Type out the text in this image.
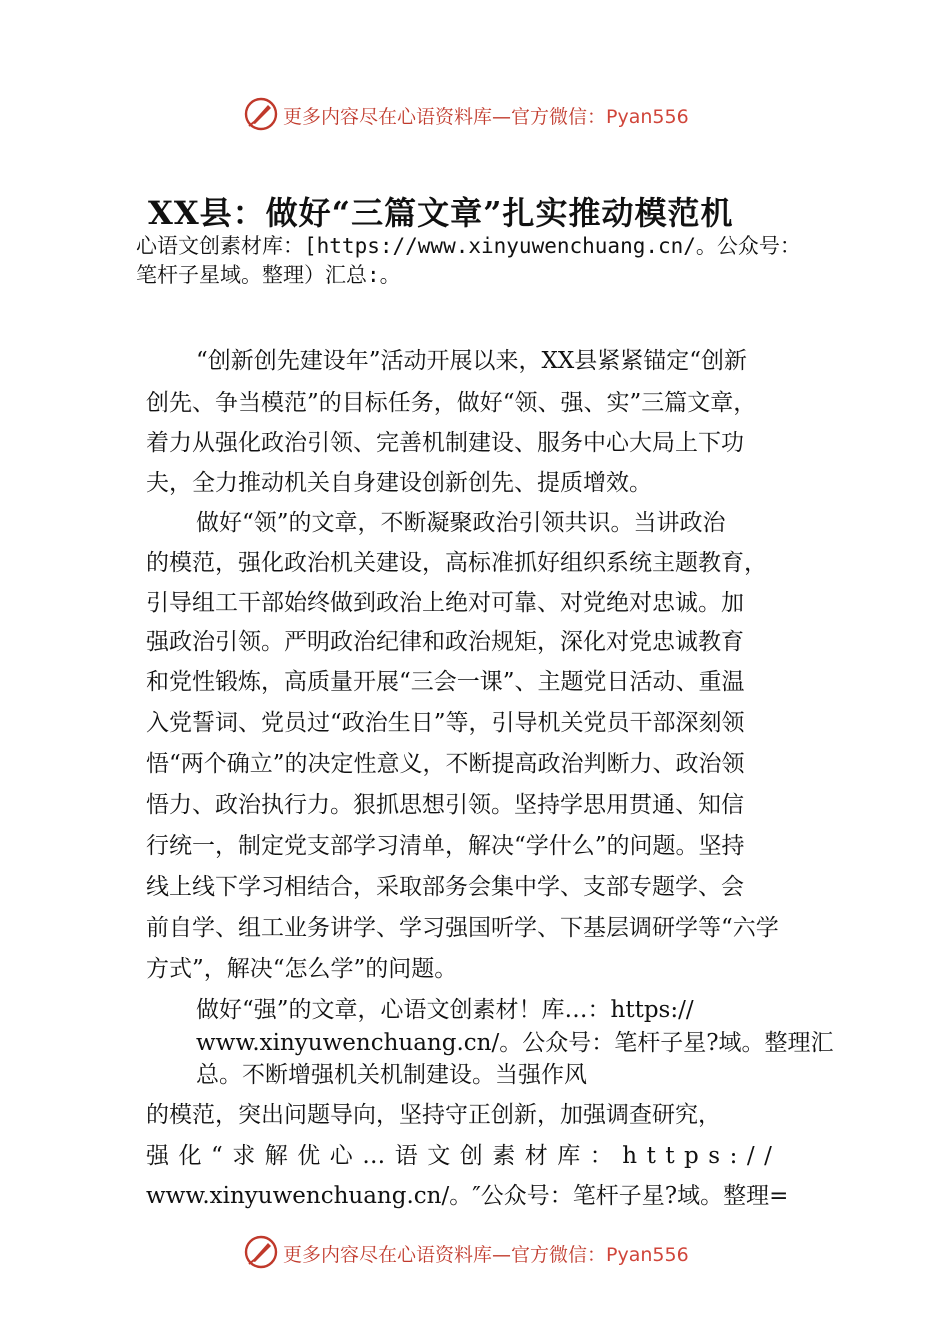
更多内容尽在心语资料库—官方微信：Pyan556
XX县：做好“三篇文章”扎实推动模范机
心语文创素材库：[https://www.xinyuwenchuang.cn/。公众号：
笔杆子星域。整理）汇总:。
“创新创先建设年”活动开展以来，XX县紧紧锚定“创新
创先、争当模范”的目标任务，做好“领、强、实”三篇文章，
着力从强化政治引领、完善机制建设、服务中心大局上下功
夫，全力推动机关自身建设创新创先、提质增效。
做好“领”的文章，不断凝聚政治引领共识。当讲政治
的模范，强化政治机关建设，高标准抓好组织系统主题教育，
引导组工干部始终做到政治上绝对可靠、对党绝对忠诚。加
强政治引领。严明政治纪律和政治规矩，深化对党忠诚教育
和党性锻炼，高质量开展“三会一课”、主题党日活动、重温
入党誓词、党员过“政治生日”等，引导机关党员干部深刻领
悟“两个确立”的决定性意义，不断提高政治判断力、政治领
悟力、政治执行力。狠抓思想引领。坚持学思用贯通、知信
行统一，制定党支部学习清单，解决“学什么”的问题。坚持
线上线下学习相结合，采取部务会集中学、支部专题学、会
前自学、组工业务讲学、学习强国听学、下基层调研学等“六学
方式”，解决“怎么学”的问题。
做好“强”的文章，心语文创素材！库…：https://
www.xinyuwenchuang.cn/。公众号：笔杆子星?域。整理汇
总。不断增强机关机制建设。当强作风
的模范，突出问题导向，坚持守正创新，加强调查研究，
强化“求解优心…语文创素材库：https://
www.xinyuwenchuang.cn/。″公众号：笔杆子星?域。整理=
更多内容尽在心语资料库—官方微信：Pyan556
